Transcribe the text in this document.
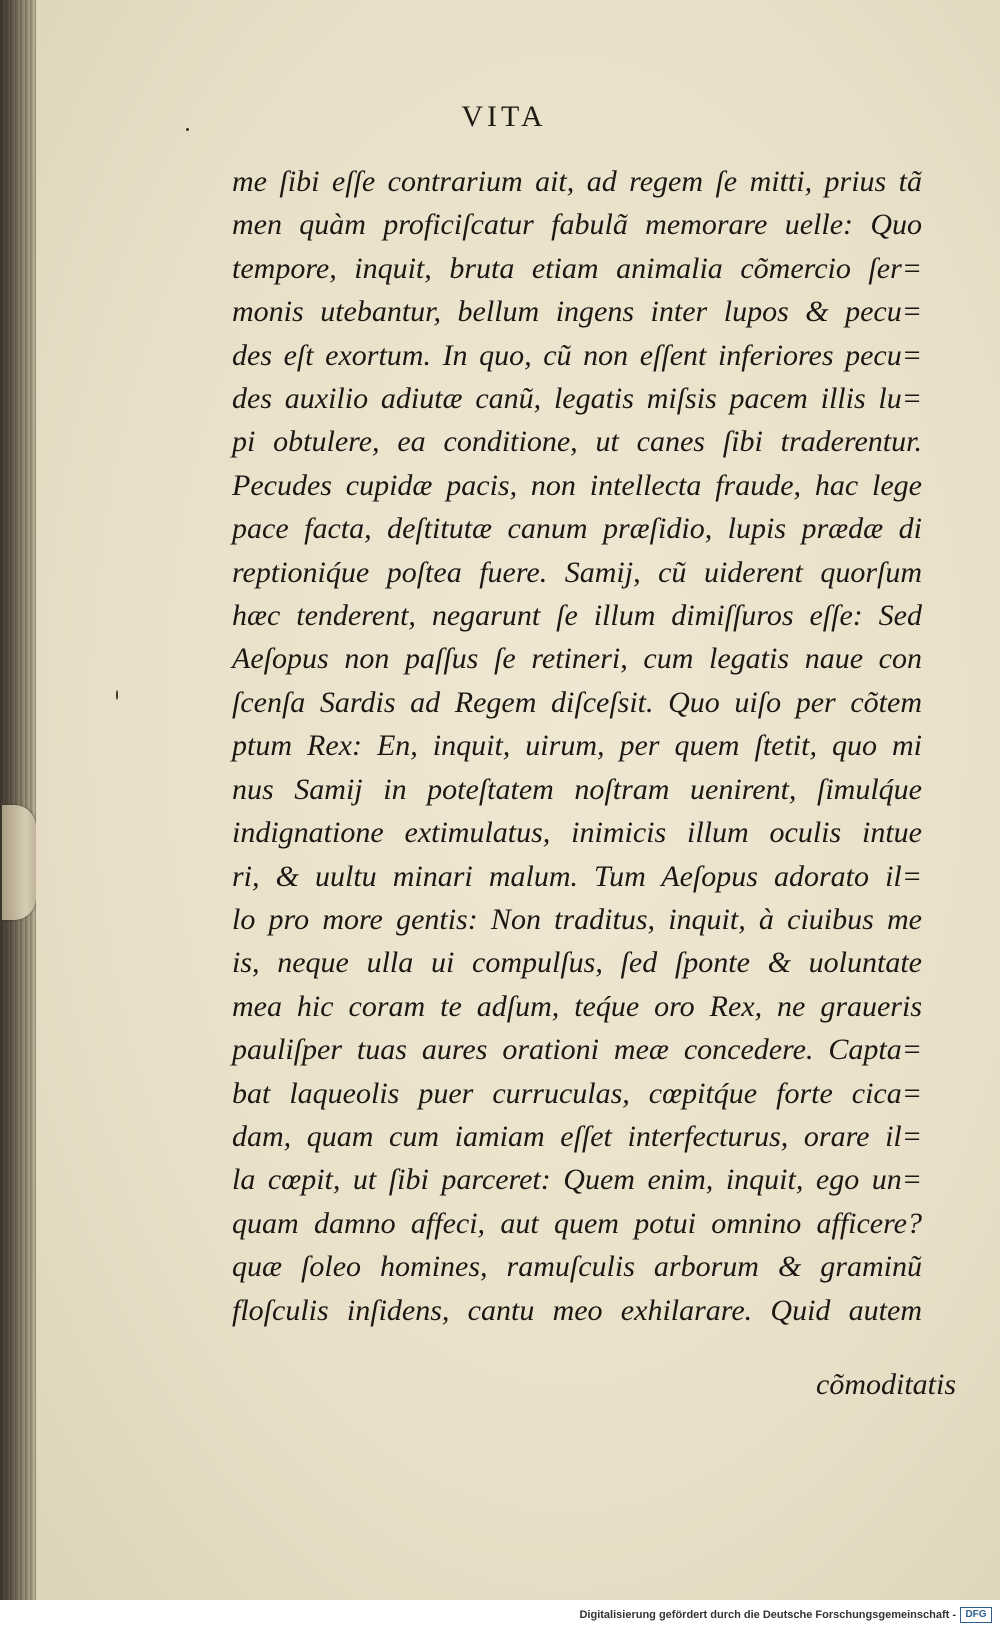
VITA
me ſibi eſſe contrarium ait, ad regem ſe mitti, prius tã
men quàm proficiſcatur fabulã memorare uelle: Quo
tempore, inquit, bruta etiam animalia cõmercio ſer=
monis utebantur, bellum ingens inter lupos & pecu=
des eſt exortum. In quo, cũ non eſſent inferiores pecu=
des auxilio adiutæ canũ, legatis miſsis pacem illis lu=
pi obtulere, ea conditione, ut canes ſibi traderentur.
Pecudes cupidæ pacis, non intellecta fraude, hac lege
pace facta, deſtitutæ canum præſidio, lupis prædæ di
reptioniq́ue poſtea fuere. Samij, cũ uiderent quorſum
hæc tenderent, negarunt ſe illum dimiſſuros eſſe: Sed
Aeſopus non paſſus ſe retineri, cum legatis naue con
ſcenſa Sardis ad Regem diſceſsit. Quo uiſo per cõtem
ptum Rex: En, inquit, uirum, per quem ſtetit, quo mi
nus Samij in poteſtatem noſtram uenirent, ſimulq́ue
indignatione extimulatus, inimicis illum oculis intue
ri, & uultu minari malum. Tum Aeſopus adorato il=
lo pro more gentis: Non traditus, inquit, à ciuibus me
is, neque ulla ui compulſus, ſed ſponte & uoluntate
mea hic coram te adſum, teq́ue oro Rex, ne graueris
pauliſper tuas aures orationi meæ concedere. Capta=
bat laqueolis puer curruculas, cœpitq́ue forte cica=
dam, quam cum iamiam eſſet interfecturus, orare il=
la cœpit, ut ſibi parceret: Quem enim, inquit, ego un=
quam damno affeci, aut quem potui omnino afficere?
quæ ſoleo homines, ramuſculis arborum & graminũ
floſculis inſidens, cantu meo exhilarare. Quid autem
cõmoditatis
Digitalisierung gefördert durch die Deutsche Forschungsgemeinschaft - DFG
